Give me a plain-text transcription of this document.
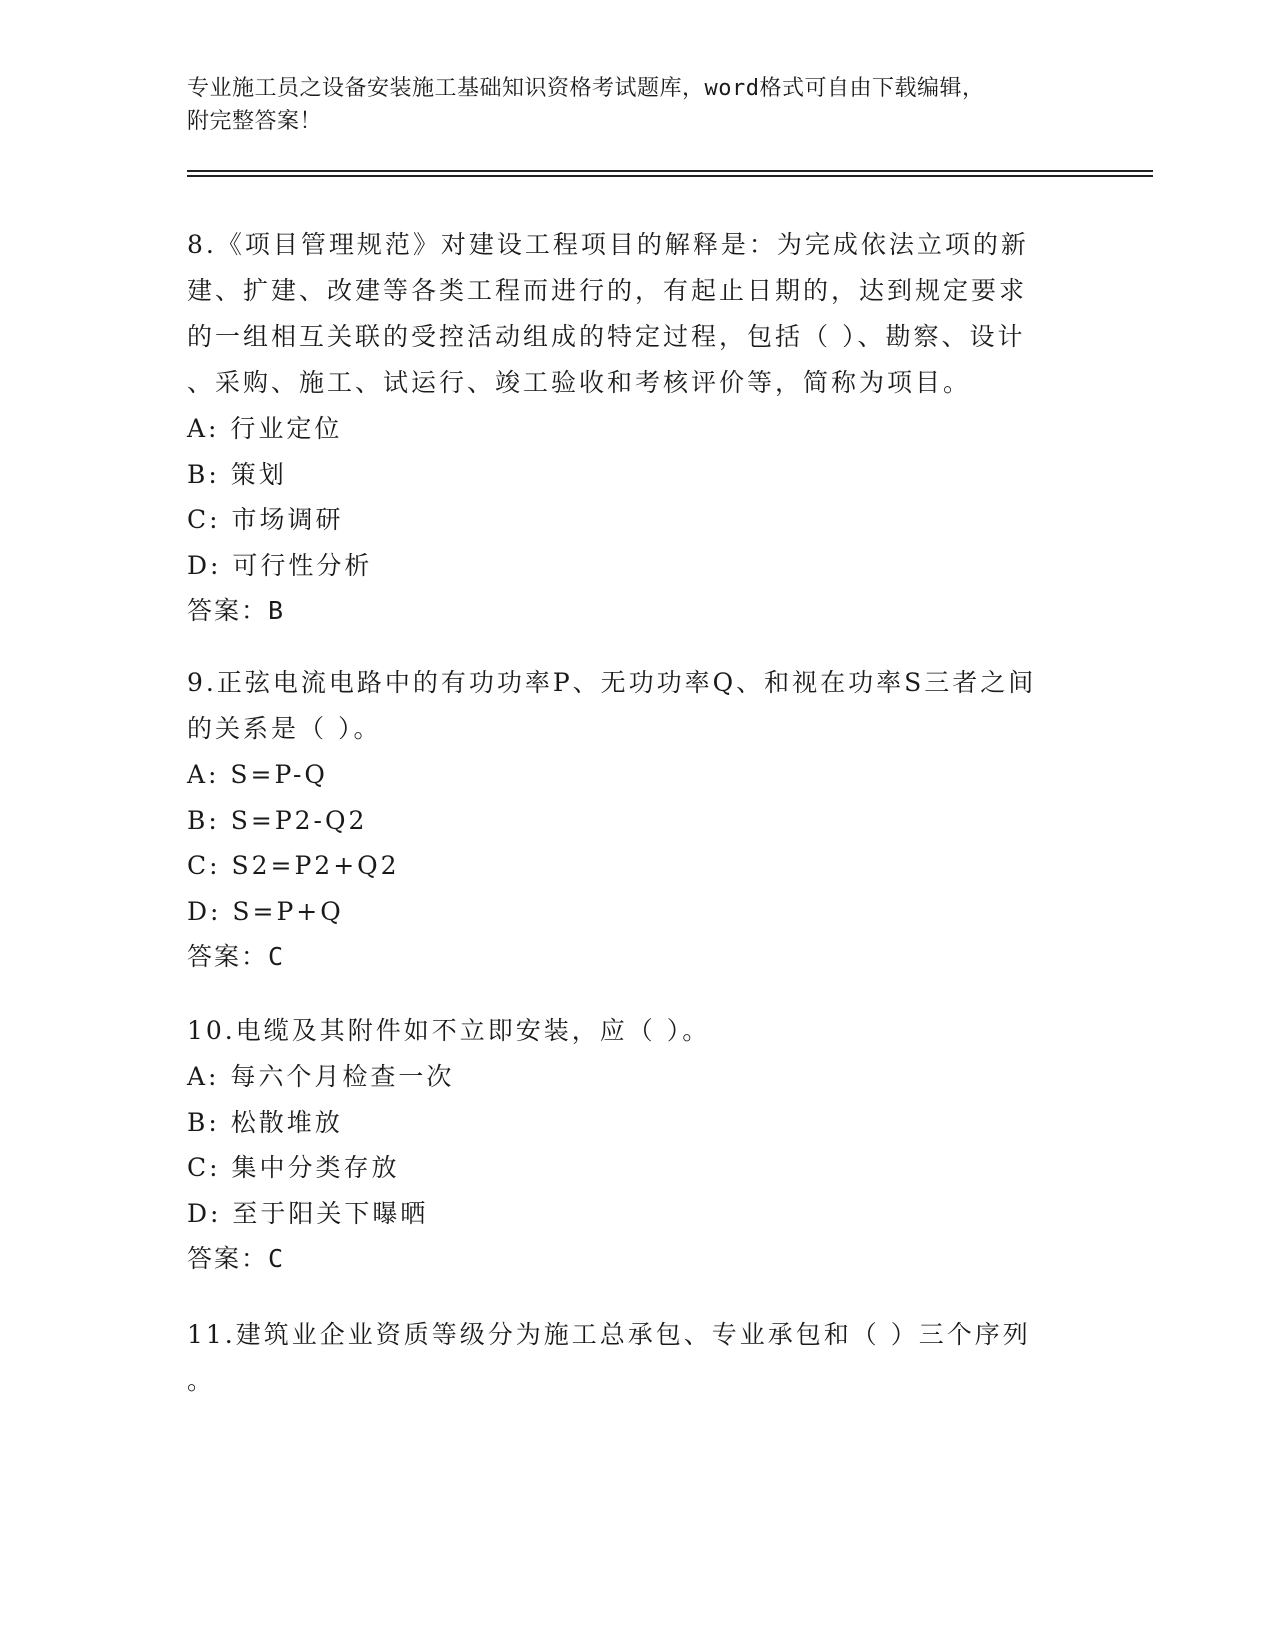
专业施工员之设备安装施工基础知识资格考试题库，word格式可自由下载编辑，
附完整答案！
8.《项目管理规范》对建设工程项目的解释是：为完成依法立项的新
建、扩建、改建等各类工程而进行的，有起止日期的，达到规定要求
的一组相互关联的受控活动组成的特定过程，包括（ ）、勘察、设计
、采购、施工、试运行、竣工验收和考核评价等，简称为项目。
A: 行业定位
B: 策划
C: 市场调研
D: 可行性分析
答案：B
9.正弦电流电路中的有功功率P、无功功率Q、和视在功率S三者之间
的关系是（ ）。
A: S=P-Q
B: S=P2-Q2
C: S2=P2+Q2
D: S=P+Q
答案：C
10.电缆及其附件如不立即安装，应（ ）。
A: 每六个月检查一次
B: 松散堆放
C: 集中分类存放
D: 至于阳关下曝晒
答案：C
11.建筑业企业资质等级分为施工总承包、专业承包和（ ）三个序列
。
